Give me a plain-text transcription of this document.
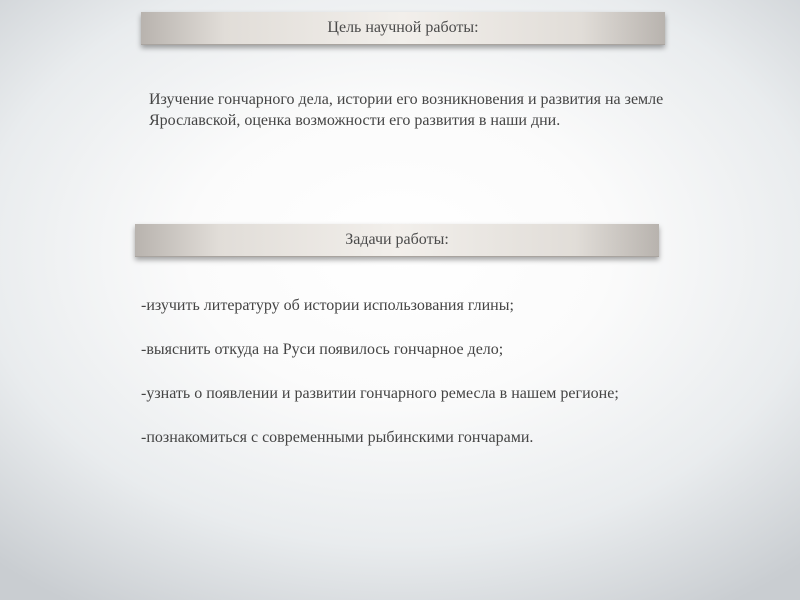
Цель научной работы:
Изучение гончарного дела, истории его возникновения и развития на земле Ярославской, оценка возможности его развития в наши дни.
Задачи работы:
-изучить литературу об истории использования глины;
-выяснить откуда на Руси появилось гончарное дело;
-узнать о появлении и развитии гончарного ремесла в нашем регионе;
-познакомиться с современными рыбинскими гончарами.
